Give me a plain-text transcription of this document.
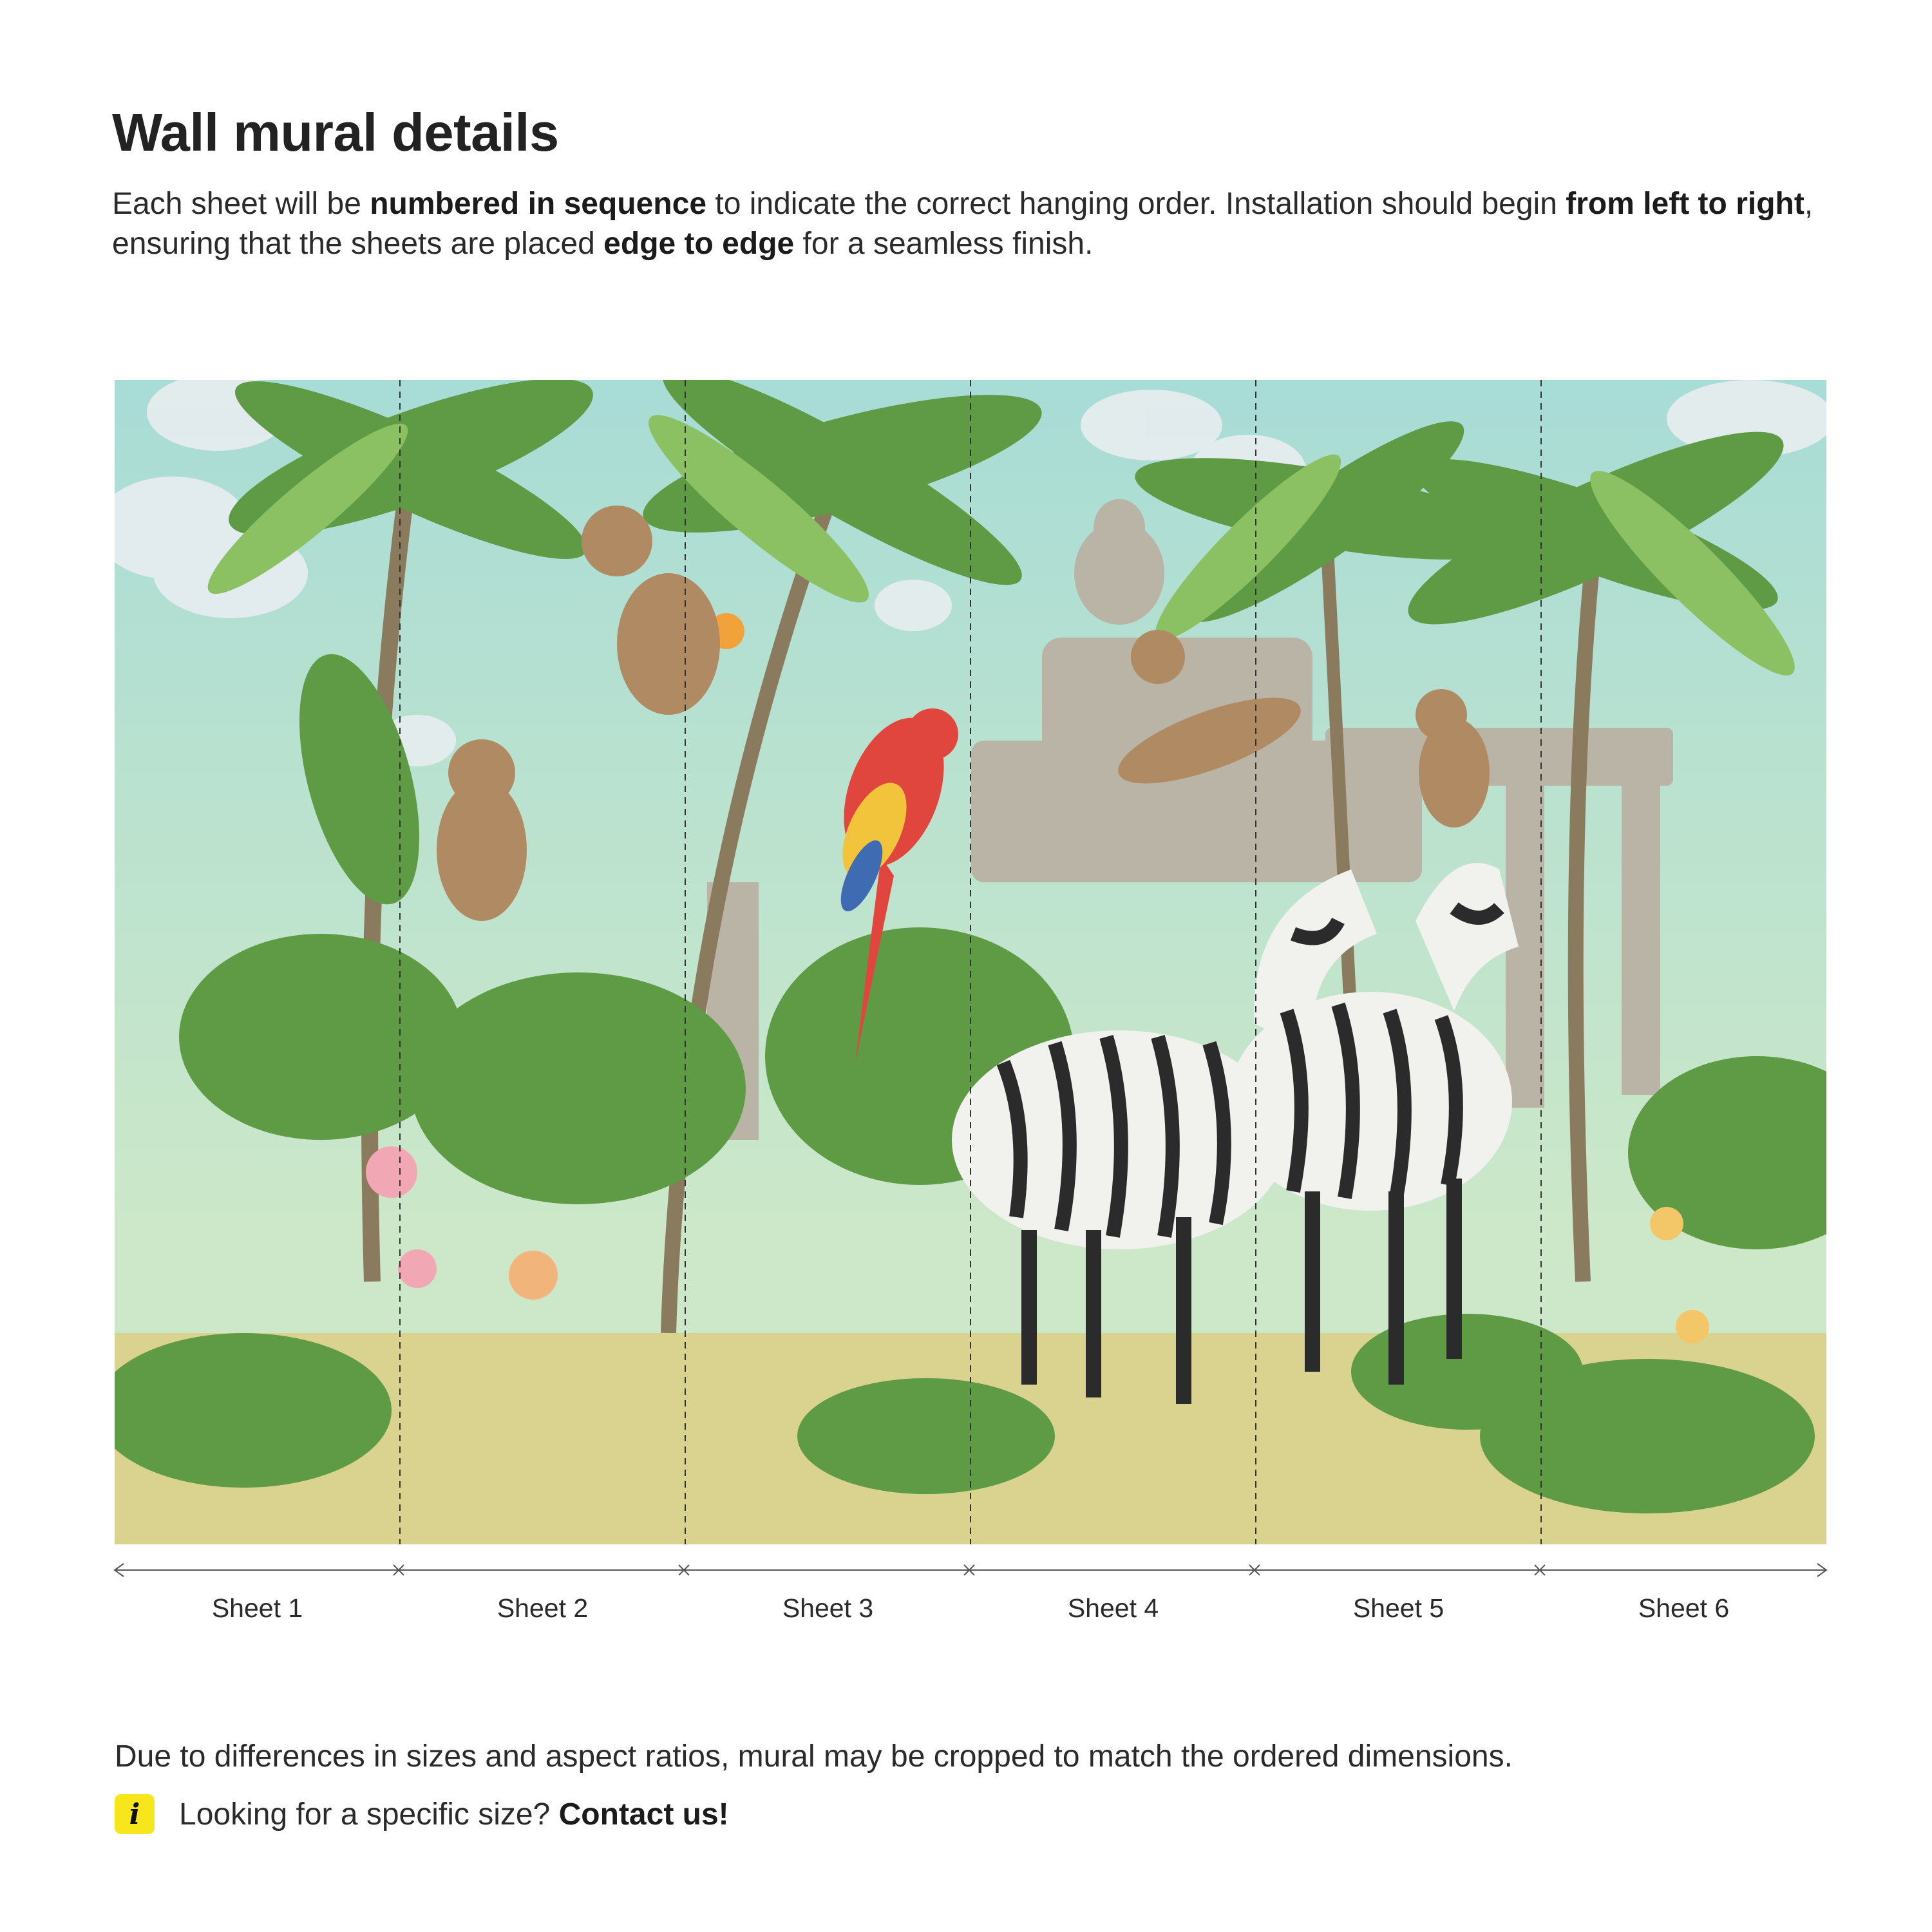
Wall mural details

Each sheet will be numbered in sequence to indicate the correct hanging order. Installation should begin from left to right, ensuring that the sheets are placed edge to edge for a seamless finish.

Sheet 1	Sheet 2	Sheet 3	Sheet 4	Sheet 5	Sheet 6

Due to differences in sizes and aspect ratios, mural may be cropped to match the ordered dimensions.

i	Looking for a specific size? Contact us!
